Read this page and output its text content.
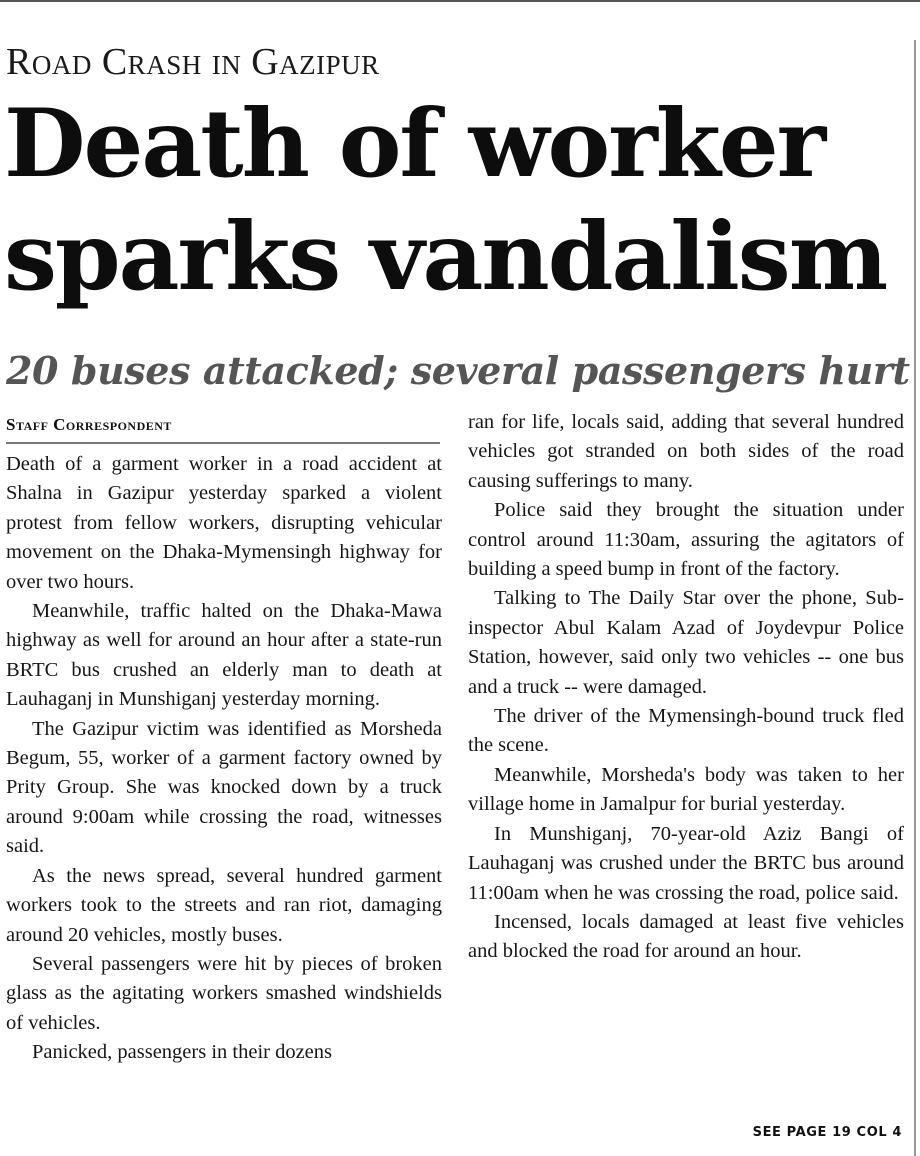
Road Crash in Gazipur
Death of worker
sparks vandalism
20 buses attacked; several passengers hurt
Staff Correspondent

Death of a garment worker in a road accident at Shalna in Gazipur yesterday sparked a violent protest from fellow workers, disrupting vehicular movement on the Dhaka-Mymensingh highway for over two hours.

Meanwhile, traffic halted on the Dhaka-Mawa highway as well for around an hour after a state-run BRTC bus crushed an elderly man to death at Lauhaganj in Munshiganj yesterday morning.

The Gazipur victim was identified as Morsheda Begum, 55, worker of a garment factory owned by Prity Group. She was knocked down by a truck around 9:00am while crossing the road, witnesses said.

As the news spread, several hundred garment workers took to the streets and ran riot, damaging around 20 vehicles, mostly buses.

Several passengers were hit by pieces of broken glass as the agitating workers smashed windshields of vehicles.

Panicked, passengers in their dozens

ran for life, locals said, adding that several hundred vehicles got stranded on both sides of the road causing sufferings to many.

Police said they brought the situation under control around 11:30am, assuring the agitators of building a speed bump in front of the factory.

Talking to The Daily Star over the phone, Sub-inspector Abul Kalam Azad of Joydevpur Police Station, however, said only two vehicles -- one bus and a truck -- were damaged.

The driver of the Mymensingh-bound truck fled the scene.

Meanwhile, Morsheda's body was taken to her village home in Jamalpur for burial yesterday.

In Munshiganj, 70-year-old Aziz Bangi of Lauhaganj was crushed under the BRTC bus around 11:00am when he was crossing the road, police said.

Incensed, locals damaged at least five vehicles and blocked the road for around an hour.

SEE PAGE 19 COL 4
